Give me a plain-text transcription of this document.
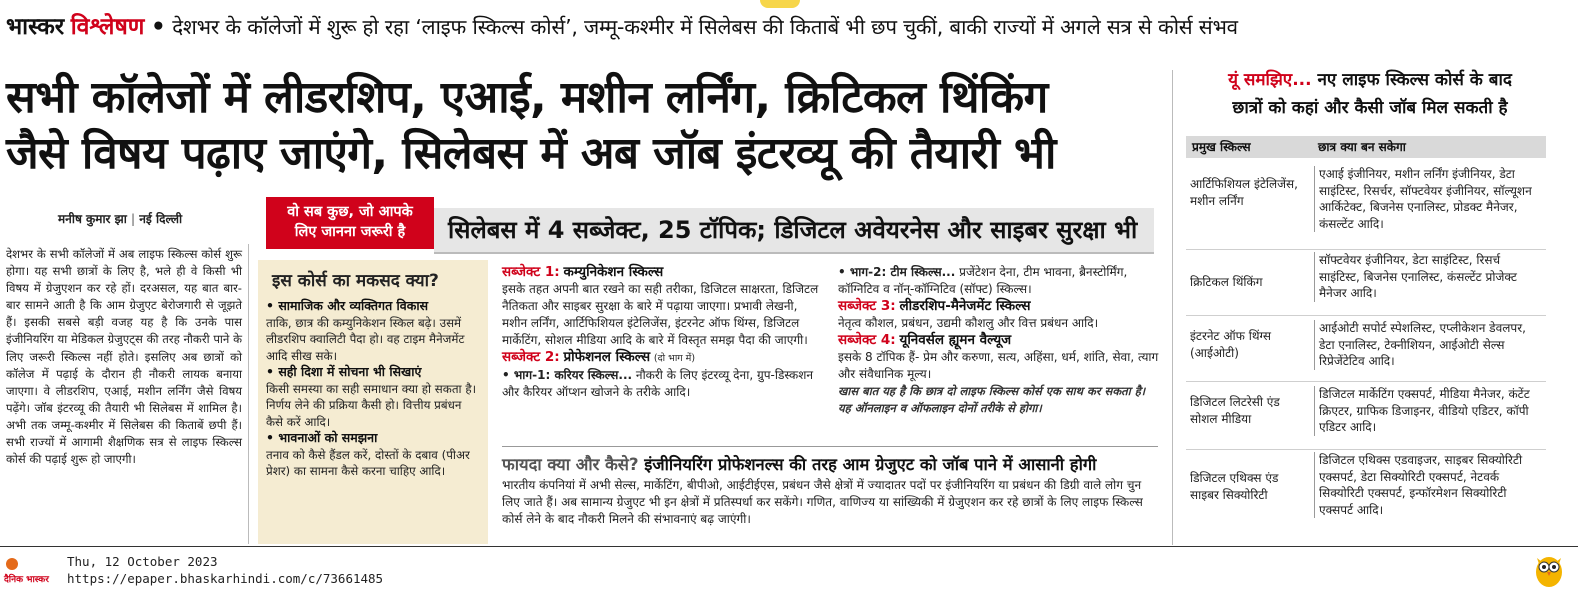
भास्कर विश्लेषण • देशभर के कॉलेजों में शुरू हो रहा ‘लाइफ स्किल्स कोर्स’, जम्मू-कश्मीर में सिलेबस की किताबें भी छप चुकीं, बाकी राज्यों में अगले सत्र से कोर्स संभव
सभी कॉलेजों में लीडरशिप, एआई, मशीन लर्निंग, क्रिटिकल थिंकिंग
जैसे विषय पढ़ाए जाएंगे, सिलेबस में अब जॉब इंटरव्यू की तैयारी भी
मनीष कुमार झा | नई दिल्ली
देशभर के सभी कॉलेजों में अब लाइफ स्किल्स कोर्स शुरू होगा। यह सभी छात्रों के लिए है, भले ही वे किसी भी विषय में ग्रेजुएशन कर रहे हों। दरअसल, यह बात बार-बार सामने आती है कि आम ग्रेजुएट बेरोजगारी से जूझते हैं। इसकी सबसे बड़ी वजह यह है कि उनके पास इंजीनियरिंग या मेडिकल ग्रेजुएट्स की तरह नौकरी पाने के लिए जरूरी स्किल्स नहीं होते। इसलिए अब छात्रों को कॉलेज में पढ़ाई के दौरान ही नौकरी लायक बनाया जाएगा। वे लीडरशिप, एआई, मशीन लर्निंग जैसे विषय पढ़ेंगे। जॉब इंटरव्यू की तैयारी भी सिलेबस में शामिल है। अभी तक जम्मू-कश्मीर में सिलेबस की किताबें छपी हैं। सभी राज्यों में आगामी शैक्षणिक सत्र से लाइफ स्किल्स कोर्स की पढ़ाई शुरू हो जाएगी।
वो सब कुछ, जो आपके
लिए जानना जरूरी है	सिलेबस में 4 सब्जेक्ट, 25 टॉपिक; डिजिटल अवेयरनेस और साइबर सुरक्षा भी
इस कोर्स का मकसद क्या?
• सामाजिक और व्यक्तिगत विकास
ताकि, छात्र की कम्युनिकेशन स्किल बढ़े। उसमें लीडरशिप क्वालिटी पैदा हो। वह टाइम मैनेजमेंट आदि सीख सके।
• सही दिशा में सोचना भी सिखाएं
किसी समस्या का सही समाधान क्या हो सकता है। निर्णय लेने की प्रक्रिया कैसी हो। वित्तीय प्रबंधन कैसे करें आदि।
• भावनाओं को समझना
तनाव को कैसे हैंडल करें, दोस्तों के दबाव (पीअर प्रेशर) का सामना कैसे करना चाहिए आदि।
सब्जेक्ट 1: कम्युनिकेशन स्किल्स
इसके तहत अपनी बात रखने का सही तरीका, डिजिटल साक्षरता, डिजिटल नैतिकता और साइबर सुरक्षा के बारे में पढ़ाया जाएगा। प्रभावी लेखनी, मशीन लर्निंग, आर्टिफिशियल इंटेलिजेंस, इंटरनेट ऑफ थिंग्स, डिजिटल मार्केटिंग, सोशल मीडिया आदि के बारे में विस्तृत समझ पैदा की जाएगी।
सब्जेक्ट 2: प्रोफेशनल स्किल्स (दो भाग में)
• भाग-1: करियर स्किल्स... नौकरी के लिए इंटरव्यू देना, ग्रुप-डिस्कशन और कैरियर ऑप्शन खोजने के तरीके आदि।
• भाग-2: टीम स्किल्स... प्रजेंटेशन देना, टीम भावना, ब्रैनस्टोर्मिंग, कॉग्निटिव व नॉन्-कॉग्निटिव (सॉफ्ट) स्किल्स।
सब्जेक्ट 3: लीडरशिप-मैनेजमेंट स्किल्स
नेतृत्व कौशल, प्रबंधन, उद्यमी कौशलु और वित्त प्रबंधन आदि।
सब्जेक्ट 4: यूनिवर्सल ह्यूमन वैल्यूज
इसके 8 टॉपिक हैं- प्रेम और करुणा, सत्य, अहिंसा, धर्म, शांति, सेवा, त्याग और संवैधानिक मूल्य।
खास बात यह है कि छात्र दो लाइफ स्किल्स कोर्स एक साथ कर सकता है। यह ऑनलाइन व ऑफलाइन दोनों तरीके से होगा।
फायदा क्या और कैसे? इंजीनियरिंग प्रोफेशनल्स की तरह आम ग्रेजुएट को जॉब पाने में आसानी होगी
भारतीय कंपनियां में अभी सेल्स, मार्केटिंग, बीपीओ, आईटीईएस, प्रबंधन जैसे क्षेत्रों में ज्यादातर पदों पर इंजीनियरिंग या प्रबंधन की डिग्री वाले लोग चुन लिए जाते हैं। अब सामान्य ग्रेजुएट भी इन क्षेत्रों में प्रतिस्पर्धा कर सकेंगे। गणित, वाणिज्य या सांख्यिकी में ग्रेजुएशन कर रहे छात्रों के लिए लाइफ स्किल्स कोर्स लेने के बाद नौकरी मिलने की संभावनाएं बढ़ जाएंगी।
यूं समझिए... नए लाइफ स्किल्स कोर्स के बाद
छात्रों को कहां और कैसी जॉब मिल सकती है
प्रमुख स्किल्स	छात्र क्या बन सकेगा
आर्टिफिशियल इंटेलिजेंस, मशीन लर्निंग
एआई इंजीनियर, मशीन लर्निंग इंजीनियर, डेटा साइंटिस्ट, रिसर्चर, सॉफ्टवेयर इंजीनियर, सॉल्यूशन आर्किटेक्ट, बिजनेस एनालिस्ट, प्रोडक्ट मैनेजर, कंसल्टेंट आदि।
क्रिटिकल थिंकिंग
सॉफ्टवेयर इंजीनियर, डेटा साइंटिस्ट, रिसर्च साइंटिस्ट, बिजनेस एनालिस्ट, कंसल्टेंट प्रोजेक्ट मैनेजर आदि।
इंटरनेट ऑफ थिंग्स (आईओटी)
आईओटी सपोर्ट स्पेशलिस्ट, एप्लीकेशन डेवलपर, डेटा एनालिस्ट, टेक्नीशियन, आईओटी सेल्स रिप्रेजेंटेटिव आदि।
डिजिटल लिटरेसी एंड सोशल मीडिया
डिजिटल मार्केटिंग एक्सपर्ट, मीडिया मैनेजर, कंटेंट क्रिएटर, ग्राफिक डिजाइनर, वीडियो एडिटर, कॉपी एडिटर आदि।
डिजिटल एथिक्स एंड साइबर सिक्योरिटी
डिजिटल एथिक्स एडवाइजर, साइबर सिक्योरिटी एक्सपर्ट, डेटा सिक्योरिटी एक्सपर्ट, नेटवर्क सिक्योरिटी एक्सपर्ट, इन्फॉरमेशन सिक्योरिटी एक्सपर्ट आदि।
दैनिक भास्कर
Thu, 12 October 2023
https://epaper.bhaskarhindi.com/c/73661485
